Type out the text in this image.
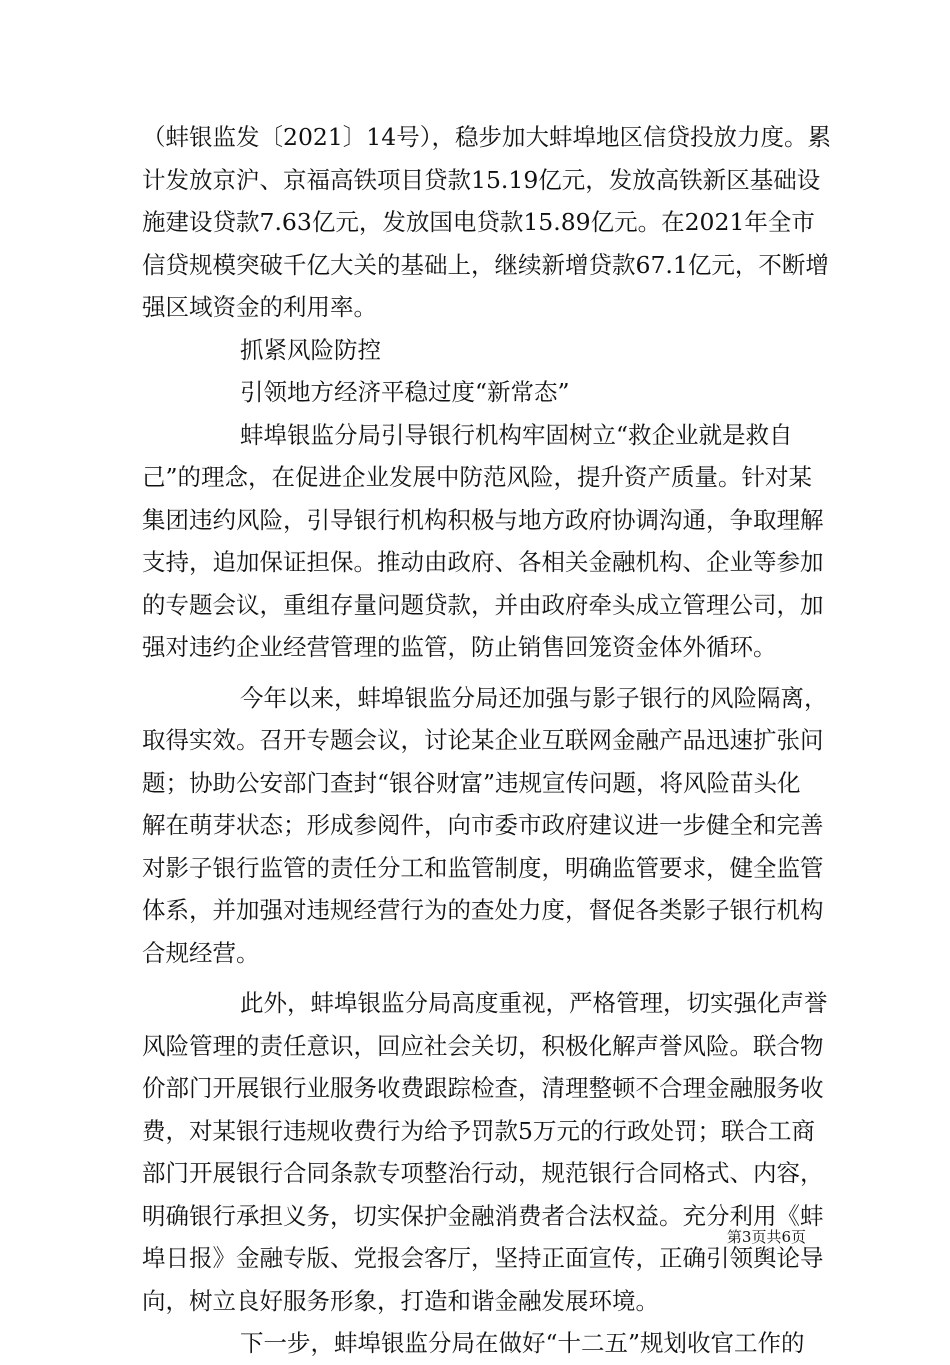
（蚌银监发〔2021〕14号），稳步加大蚌埠地区信贷投放力度。累
计发放京沪、京福高铁项目贷款15.19亿元，发放高铁新区基础设
施建设贷款7.63亿元，发放国电贷款15.89亿元。在2021年全市
信贷规模突破千亿大关的基础上，继续新增贷款67.1亿元，不断增
强区域资金的利用率。
抓紧风险防控
引领地方经济平稳过度“新常态”
蚌埠银监分局引导银行机构牢固树立“救企业就是救自
己”的理念，在促进企业发展中防范风险，提升资产质量。针对某
集团违约风险，引导银行机构积极与地方政府协调沟通，争取理解
支持，追加保证担保。推动由政府、各相关金融机构、企业等参加
的专题会议，重组存量问题贷款，并由政府牵头成立管理公司，加
强对违约企业经营管理的监管，防止销售回笼资金体外循环。
今年以来，蚌埠银监分局还加强与影子银行的风险隔离，
取得实效。召开专题会议，讨论某企业互联网金融产品迅速扩张问
题；协助公安部门查封“银谷财富”违规宣传问题，将风险苗头化
解在萌芽状态；形成参阅件，向市委市政府建议进一步健全和完善
对影子银行监管的责任分工和监管制度，明确监管要求，健全监管
体系，并加强对违规经营行为的查处力度，督促各类影子银行机构
合规经营。
此外，蚌埠银监分局高度重视，严格管理，切实强化声誉
风险管理的责任意识，回应社会关切，积极化解声誉风险。联合物
价部门开展银行业服务收费跟踪检查，清理整顿不合理金融服务收
费，对某银行违规收费行为给予罚款5万元的行政处罚；联合工商
部门开展银行合同条款专项整治行动，规范银行合同格式、内容，
明确银行承担义务，切实保护金融消费者合法权益。充分利用《蚌
埠日报》金融专版、党报会客厅，坚持正面宣传，正确引领舆论导
向，树立良好服务形象，打造和谐金融发展环境。
下一步，蚌埠银监分局在做好“十二五”规划收官工作的
第3页共6页
